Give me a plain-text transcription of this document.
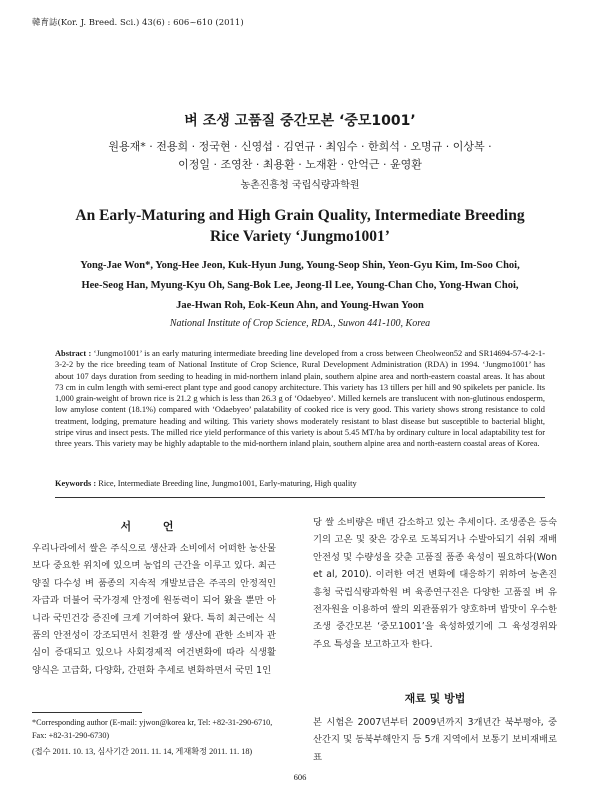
韓育誌(Kor. J. Breed. Sci.) 43(6) : 606~610 (2011)
벼 조생 고품질 중간모본 ‘중모1001’
원용재* · 전용희 · 정국현 · 신영섭 · 김연규 · 최임수 · 한희석 · 오명규 · 이상복 ·
이정일 · 조영찬 · 최용환 · 노재환 · 안억근 · 윤영환
농촌진흥청 국립식량과학원
An Early-Maturing and High Grain Quality, Intermediate Breeding
Rice Variety ‘Jungmo1001’
Yong-Jae Won*, Yong-Hee Jeon, Kuk-Hyun Jung, Young-Seop Shin, Yeon-Gyu Kim, Im-Soo Choi,
Hee-Seog Han, Myung-Kyu Oh, Sang-Bok Lee, Jeong-Il Lee, Young-Chan Cho, Yong-Hwan Choi,
Jae-Hwan Roh, Eok-Keun Ahn, and Young-Hwan Yoon
National Institute of Crop Science, RDA., Suwon 441-100, Korea
Abstract : ‘Jungmo1001’ is an early maturing intermediate breeding line developed from a cross between Cheolweon52 and SR14694-57-4-2-1-3-2-2 by the rice breeding team of National Institute of Crop Science, Rural Development Administration (RDA) in 1994. ‘Jungmo1001’ has about 107 days duration from seeding to heading in mid-northern inland plain, southern alpine area and north-eastern coastal areas. It has about 73 cm in culm length with semi-erect plant type and good canopy architecture. This variety has 13 tillers per hill and 90 spikelets per panicle. Its 1,000 grain-weight of brown rice is 21.2 g which is less than 26.3 g of ‘Odaebyeo’. Milled kernels are translucent with non-glutinous endosperm, low amylose content (18.1%) compared with ‘Odaebyeo’ palatability of cooked rice is very good. This variety shows strong resistance to cold treatment, lodging, premature heading and wilting. This variety shows moderately resistant to blast disease but susceptible to bacterial blight, stripe virus and insect pests. The milled rice yield performance of this variety is about 5.45 MT/ha by ordinary culture in local adaptability test for three years. This variety may be highly adaptable to the mid-northern inland plain, southern alpine area and north-eastern coastal areas of Korea.
Keywords : Rice, Intermediate Breeding line, Jungmo1001, Early-maturing, High quality
서 언
우리나라에서 쌀은 주식으로 생산과 소비에서 어떠한 농산물보다 중요한 위치에 있으며 농업의 근간을 이루고 있다. 최근 양질 다수성 벼 품종의 지속적 개발보급은 주곡의 안정적인 자급과 더불어 국가경제 안정에 원동력이 되어 왔을 뿐만 아니라 국민건강 증진에 크게 기여하여 왔다. 특히 최근에는 식품의 안전성이 강조되면서 친환경 쌀 생산에 관한 소비자 관심이 증대되고 있으나 사회경제적 여건변화에 따라 식생활 양식은 고급화, 다양화, 간편화 추세로 변화하면서 국민 1인
당 쌀 소비량은 매년 감소하고 있는 추세이다. 조생종은 등숙기의 고온 및 잦은 강우로 도복되거나 수발아되기 쉬워 재배 안전성 및 수량성을 갖춘 고품질 품종 육성이 필요하다(Won et al, 2010). 이러한 여건 변화에 대응하기 위하여 농촌진흥청 국립식량과학원 벼 육종연구진은 다양한 고품질 벼 유전자원을 이용하여 쌀의 외관품위가 양호하며 밥맛이 우수한 조생 중간모본 ‘중모1001’을 육성하였기에 그 육성경위와 주요 특성을 보고하고자 한다.
재료 및 방법
본 시험은 2007년부터 2009년까지 3개년간 북부평야, 중산간지 및 동북부해안지 등 5개 지역에서 보통기 보비재배로 표
*Corresponding author (E-mail: yjwon@korea kr, Tel: +82-31-290-6710, Fax: +82-31-290-6730)
(접수 2011. 10. 13, 심사기간 2011. 11. 14, 게재확정 2011. 11. 18)
606
